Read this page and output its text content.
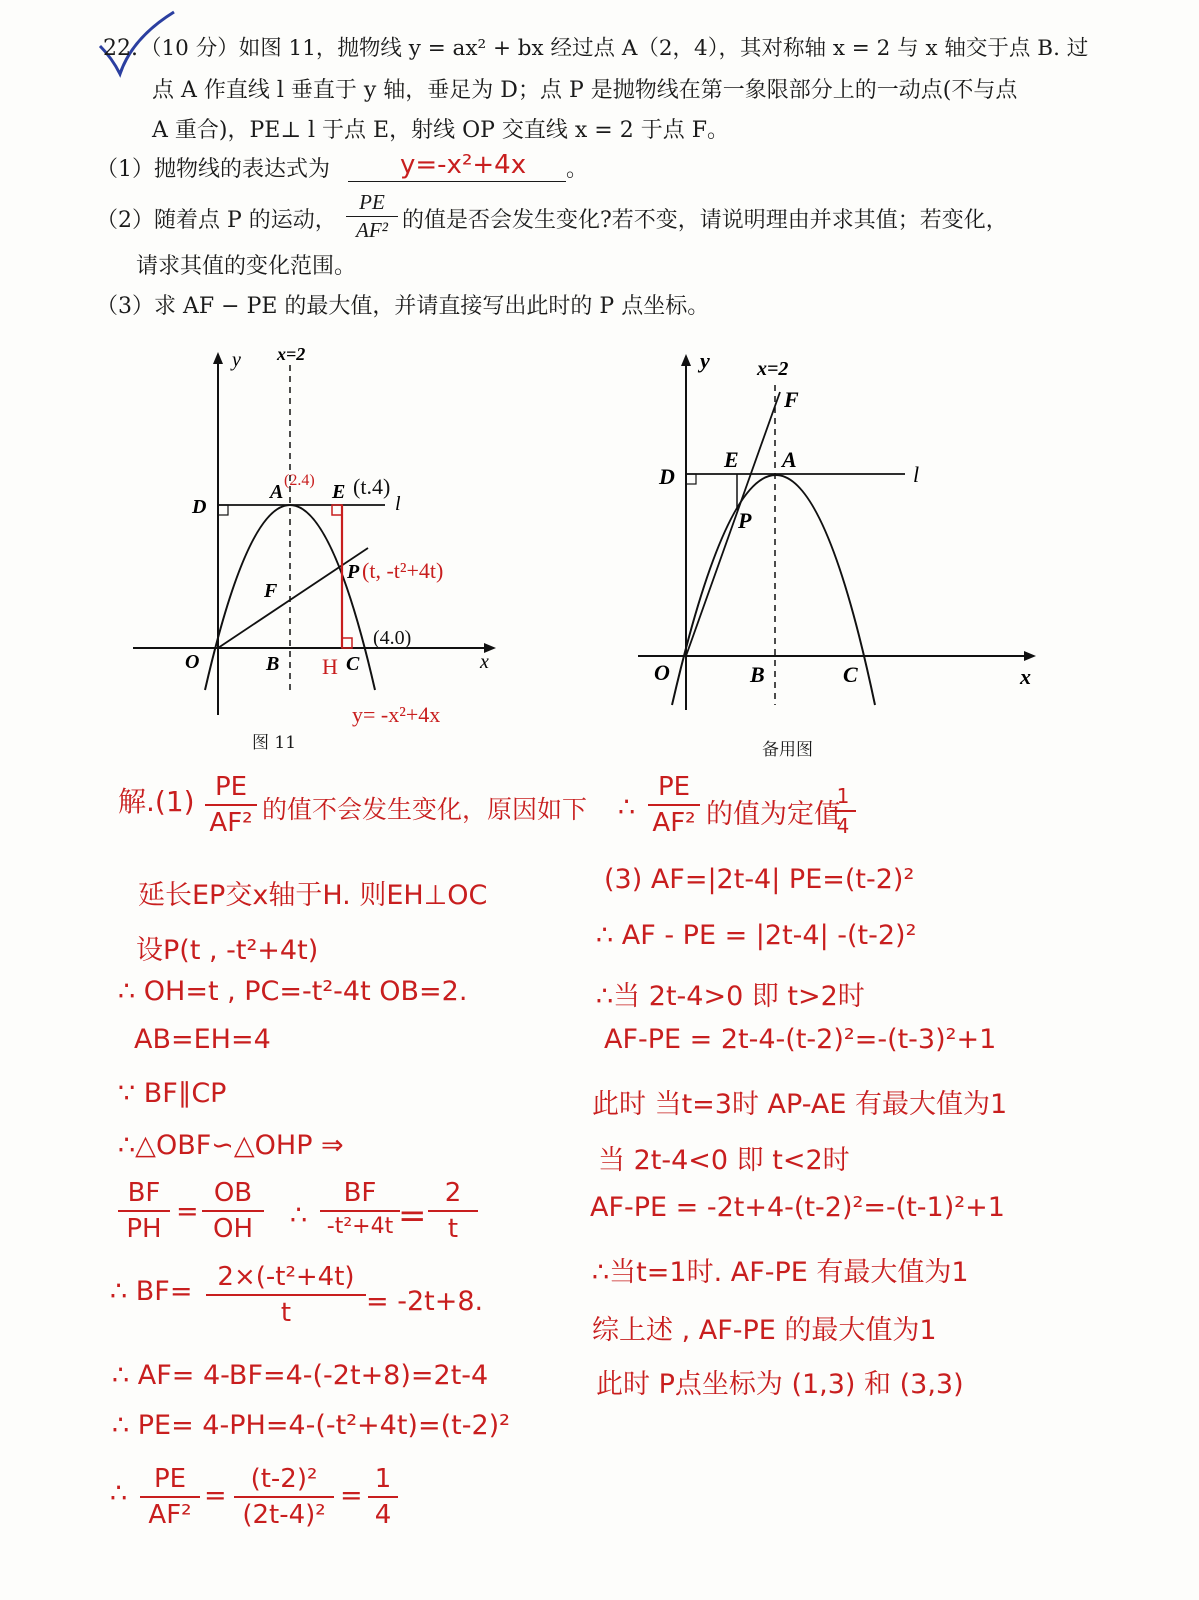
22. （10 分）如图 11，抛物线 y = ax² + bx 经过点 A（2，4），其对称轴 x = 2 与 x 轴交于点 B. 过
点 A 作直线 l 垂直于 y 轴，垂足为 D；点 P 是抛物线在第一象限部分上的一动点(不与点
A 重合)，PE⊥ l 于点 E，射线 OP 交直线 x = 2 于点 F。
（1）抛物线的表达式为	y=-x²+4x 。
（2）随着点 P 的运动，
PE
AF² 的值是否会发生变化?若不变，请说明理由并求其值；若变化，
请求其值的变化范围。
（3）求 AF − PE 的最大值，并请直接写出此时的 P 点坐标。
y x=2
D
A E
l
F
P
O	B	C	x
(2.4) (t.4)
(t, -t²+4t)
(4.0)
H
y= -x²+4x
图 11
y x=2
F
D
E A
l
P
O	B	C	x
备用图
解.(1) PE
AF² 的值不会发生变化，原因如下
延长EP交x轴于H. 则EH⊥OC
设P(t , -t²+4t)
∴ OH=t , PC=-t²-4t OB=2.
AB=EH=4
∵ BF∥CP
∴△OBF∽△OHP ⇒
BF
PH
=
OB
OH	∴
BF
-t²+4t =
2
t
∴ BF= 2×(-t²+4t)
t	= -2t+8.
∴ AF= 4-BF=4-(-2t+8)=2t-4
∴ PE= 4-PH=4-(-t²+4t)=(t-2)²
∴	PE
AF²
=
(t-2)²
(2t-4)²
=
1
4
∴
PE
AF² 的值为定值
1
4
(3) AF=|2t-4| PE=(t-2)²
∴ AF - PE = |2t-4| -(t-2)²
∴当 2t-4>0 即 t>2时
AF-PE = 2t-4-(t-2)²=-(t-3)²+1
此时 当t=3时 AP-AE 有最大值为1
当 2t-4<0 即 t<2时
AF-PE = -2t+4-(t-2)²=-(t-1)²+1
∴当t=1时. AF-PE 有最大值为1
综上述 , AF-PE 的最大值为1
此时 P点坐标为 (1,3) 和 (3,3)
